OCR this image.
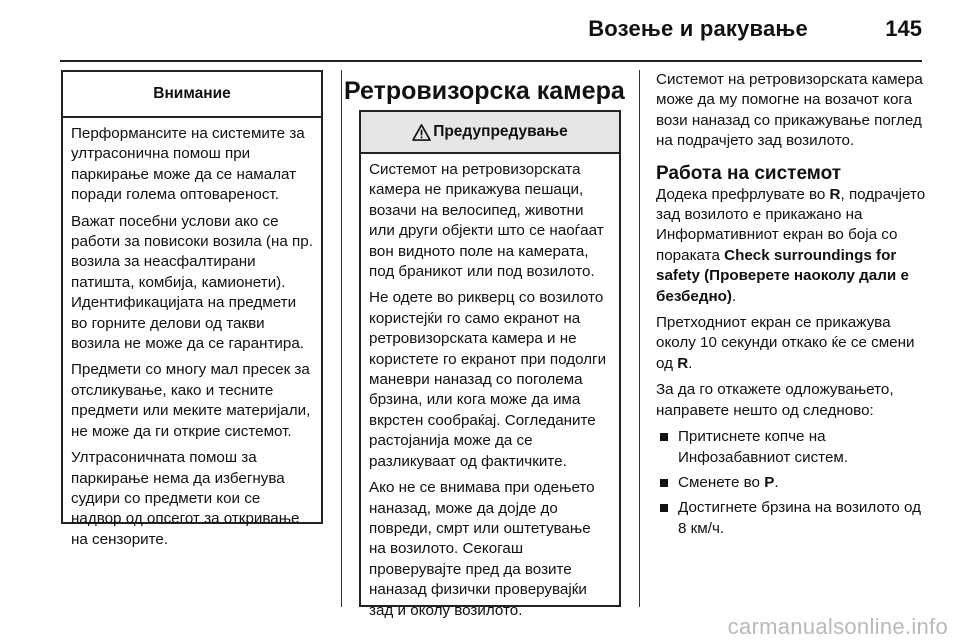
Возење и ракување	145
Внимание

Перформансите на системите за ултрасонична помош при паркирање може да се намалат поради голема оптовареност.

Важат посебни услови ако се работи за повисоки возила (на пр. возила за неасфалтирани патишта, комбија, камионети). Идентификацијата на предмети во горните делови од такви возила не може да се гарантира.

Предмети со многу мал пресек за отсликување, како и тесните предмети или меките материјали, не може да ги открие системот.

Ултрасоничната помош за паркирање нема да избегнува судири со предмети кои се надвор од опсегот за откривање на сензорите.

Ретровизорска камера
Предупредување

Системот на ретровизорската камера не прикажува пешаци, возачи на велосипед, животни или други објекти што се наоѓаат вон видното поле на камерата, под браникот или под возилото.

Не одете во рикверц со возилото користејќи го само екранот на ретровизорската камера и не користете го екранот при подолги маневри наназад со поголема брзина, или кога може да има вкрстен сообраќај. Согледаните растојанија може да се разликуваат од фактичките.

Ако не се внимава при одењето наназад, може да дојде до повреди, смрт или оштетување на возилото. Секогаш проверувајте пред да возите наназад физички проверувајќи зад и околу возилото.

Системот на ретровизорската камера може да му помогне на возачот кога вози наназад со прикажување поглед на подрачјето зад возилото.

Работа на системот

Додека префрлувате во R, подрачјето зад возилото е прикажано на Информативниот екран во боја со пораката Check surroundings for safety (Проверете наоколу дали е безбедно).

Претходниот екран се прикажува околу 10 секунди откако ќе се смени од R.

За да го откажете одложувањето, направете нешто од следново:

Притиснете копче на Инфозабавниот систем.
Сменете во P.
Достигнете брзина на возилото од 8 км/ч.
carmanualsonline.info
